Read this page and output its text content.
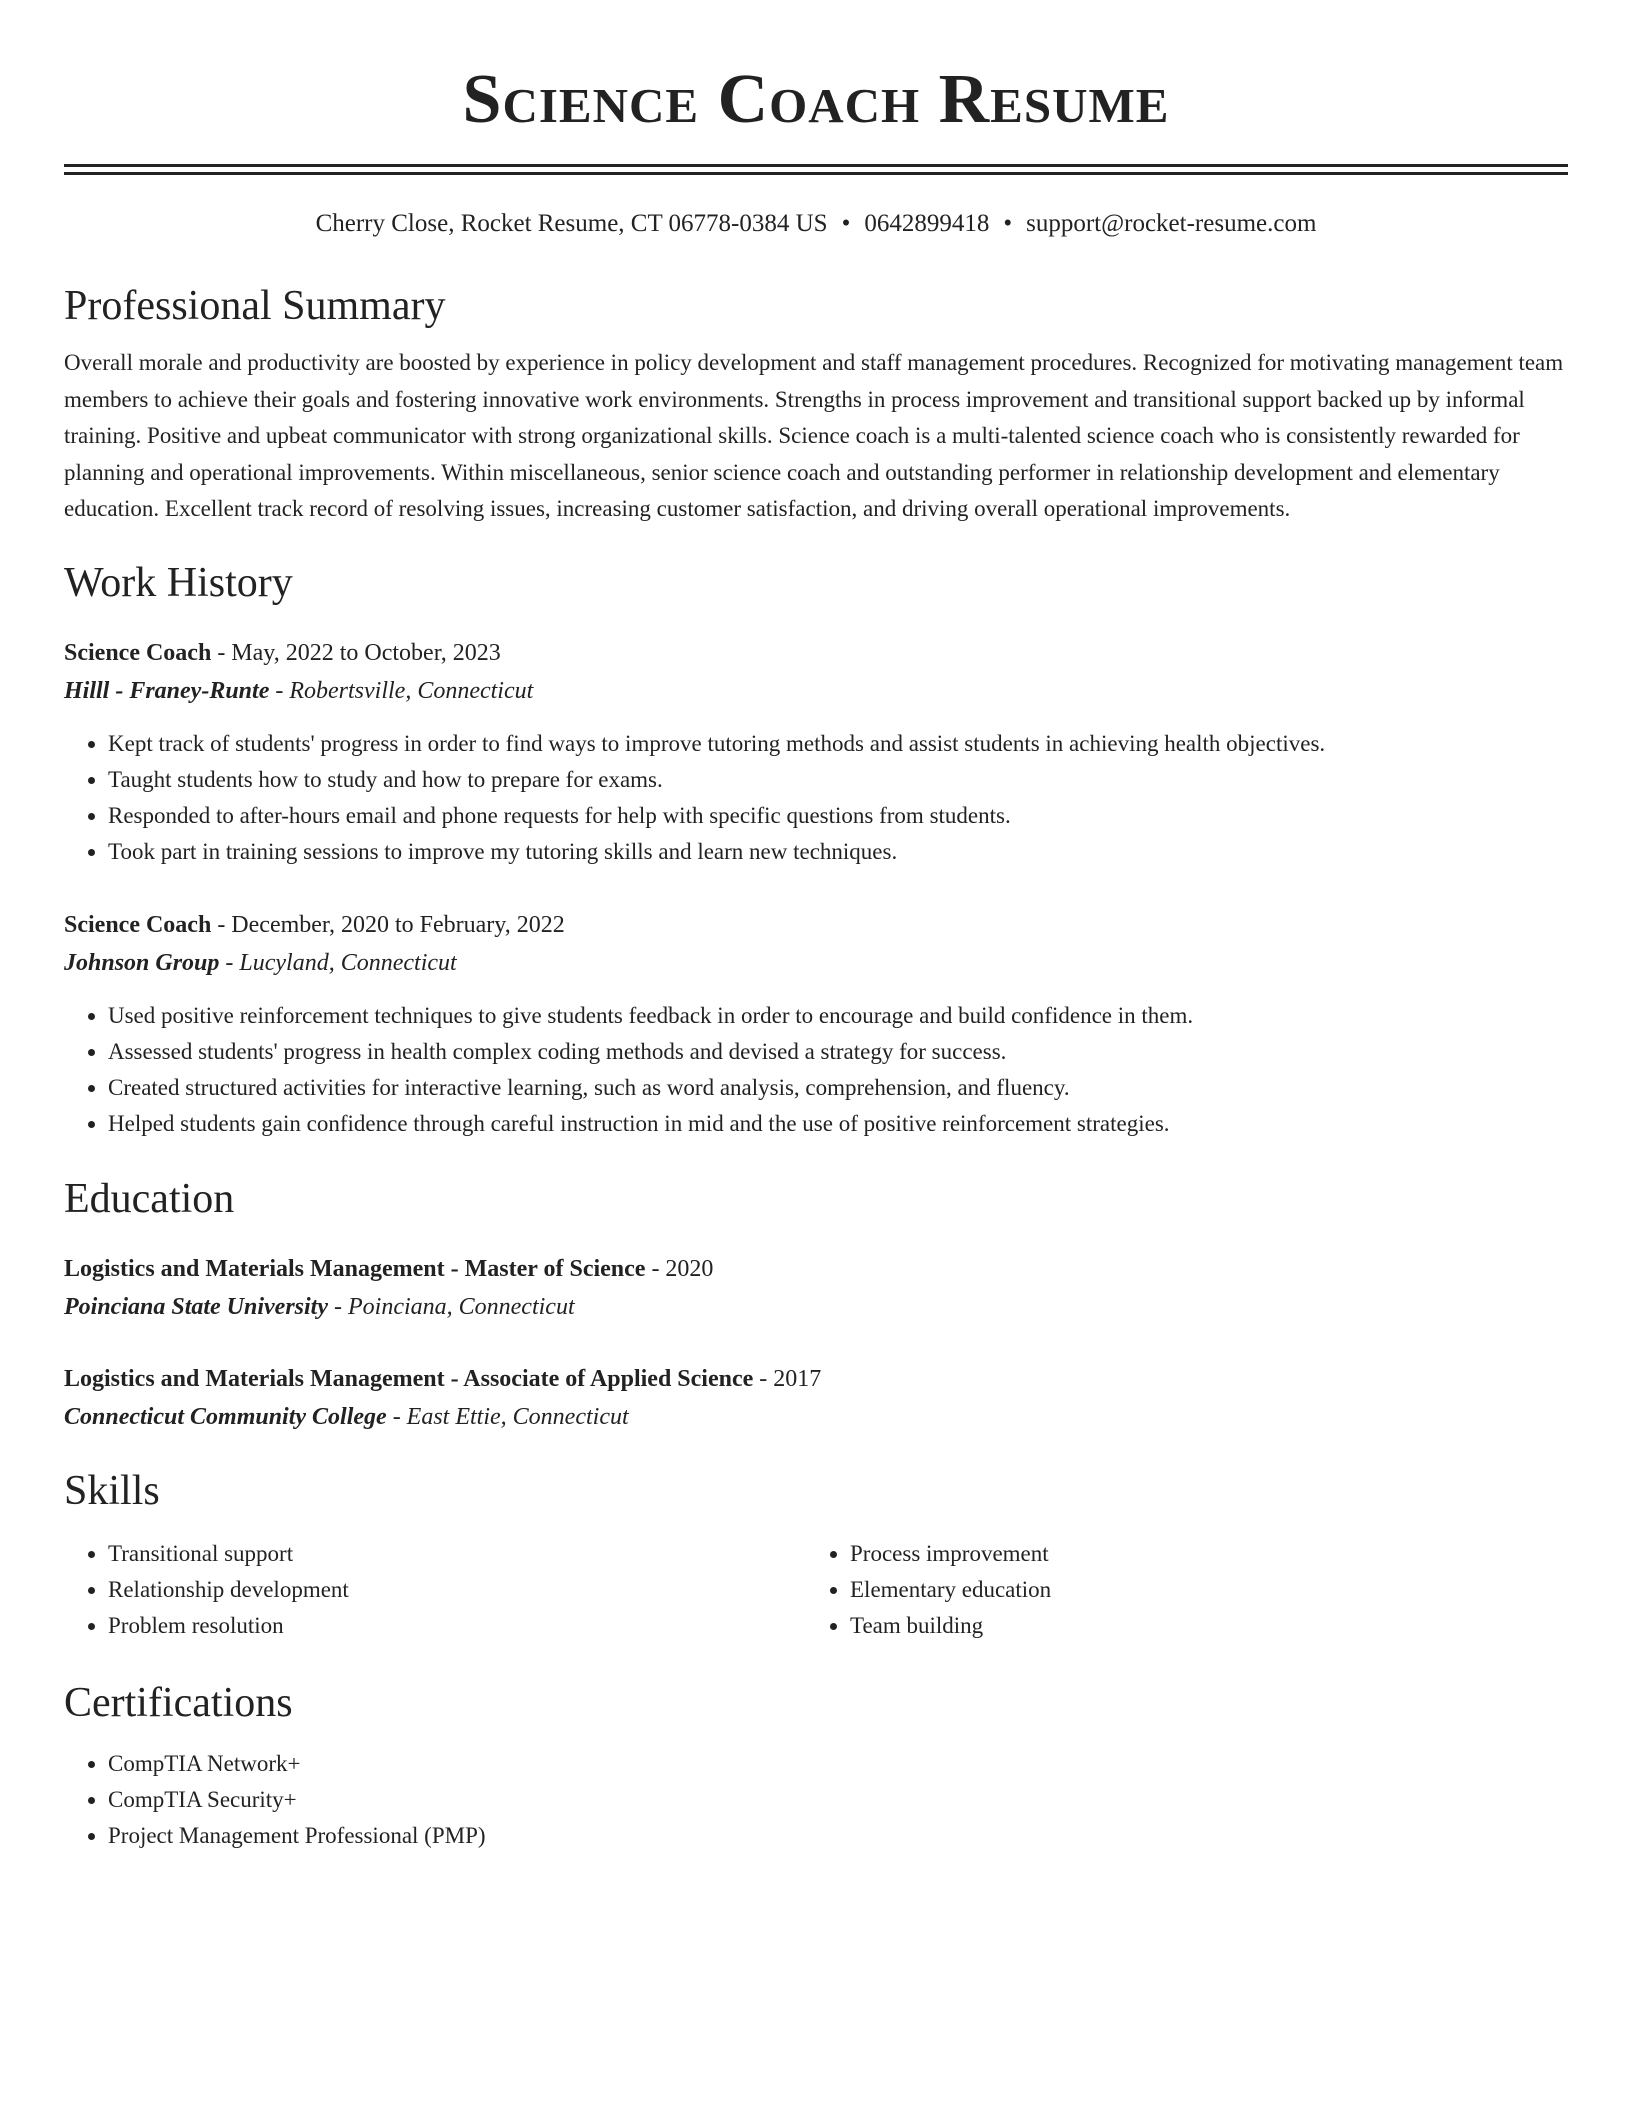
Science Coach Resume
Cherry Close, Rocket Resume, CT 06778-0384 US • 0642899418 • support@rocket-resume.com
Professional Summary
Overall morale and productivity are boosted by experience in policy development and staff management procedures. Recognized for motivating management team members to achieve their goals and fostering innovative work environments. Strengths in process improvement and transitional support backed up by informal training. Positive and upbeat communicator with strong organizational skills. Science coach is a multi-talented science coach who is consistently rewarded for planning and operational improvements. Within miscellaneous, senior science coach and outstanding performer in relationship development and elementary education. Excellent track record of resolving issues, increasing customer satisfaction, and driving overall operational improvements.
Work History
Science Coach - May, 2022 to October, 2023
Hilll - Franey-Runte - Robertsville, Connecticut
• Kept track of students' progress in order to find ways to improve tutoring methods and assist students in achieving health objectives.
• Taught students how to study and how to prepare for exams.
• Responded to after-hours email and phone requests for help with specific questions from students.
• Took part in training sessions to improve my tutoring skills and learn new techniques.
Science Coach - December, 2020 to February, 2022
Johnson Group - Lucyland, Connecticut
• Used positive reinforcement techniques to give students feedback in order to encourage and build confidence in them.
• Assessed students' progress in health complex coding methods and devised a strategy for success.
• Created structured activities for interactive learning, such as word analysis, comprehension, and fluency.
• Helped students gain confidence through careful instruction in mid and the use of positive reinforcement strategies.
Education
Logistics and Materials Management - Master of Science - 2020
Poinciana State University - Poinciana, Connecticut
Logistics and Materials Management - Associate of Applied Science - 2017
Connecticut Community College - East Ettie, Connecticut
Skills
• Transitional support
• Relationship development
• Problem resolution
• Process improvement
• Elementary education
• Team building
Certifications
• CompTIA Network+
• CompTIA Security+
• Project Management Professional (PMP)
